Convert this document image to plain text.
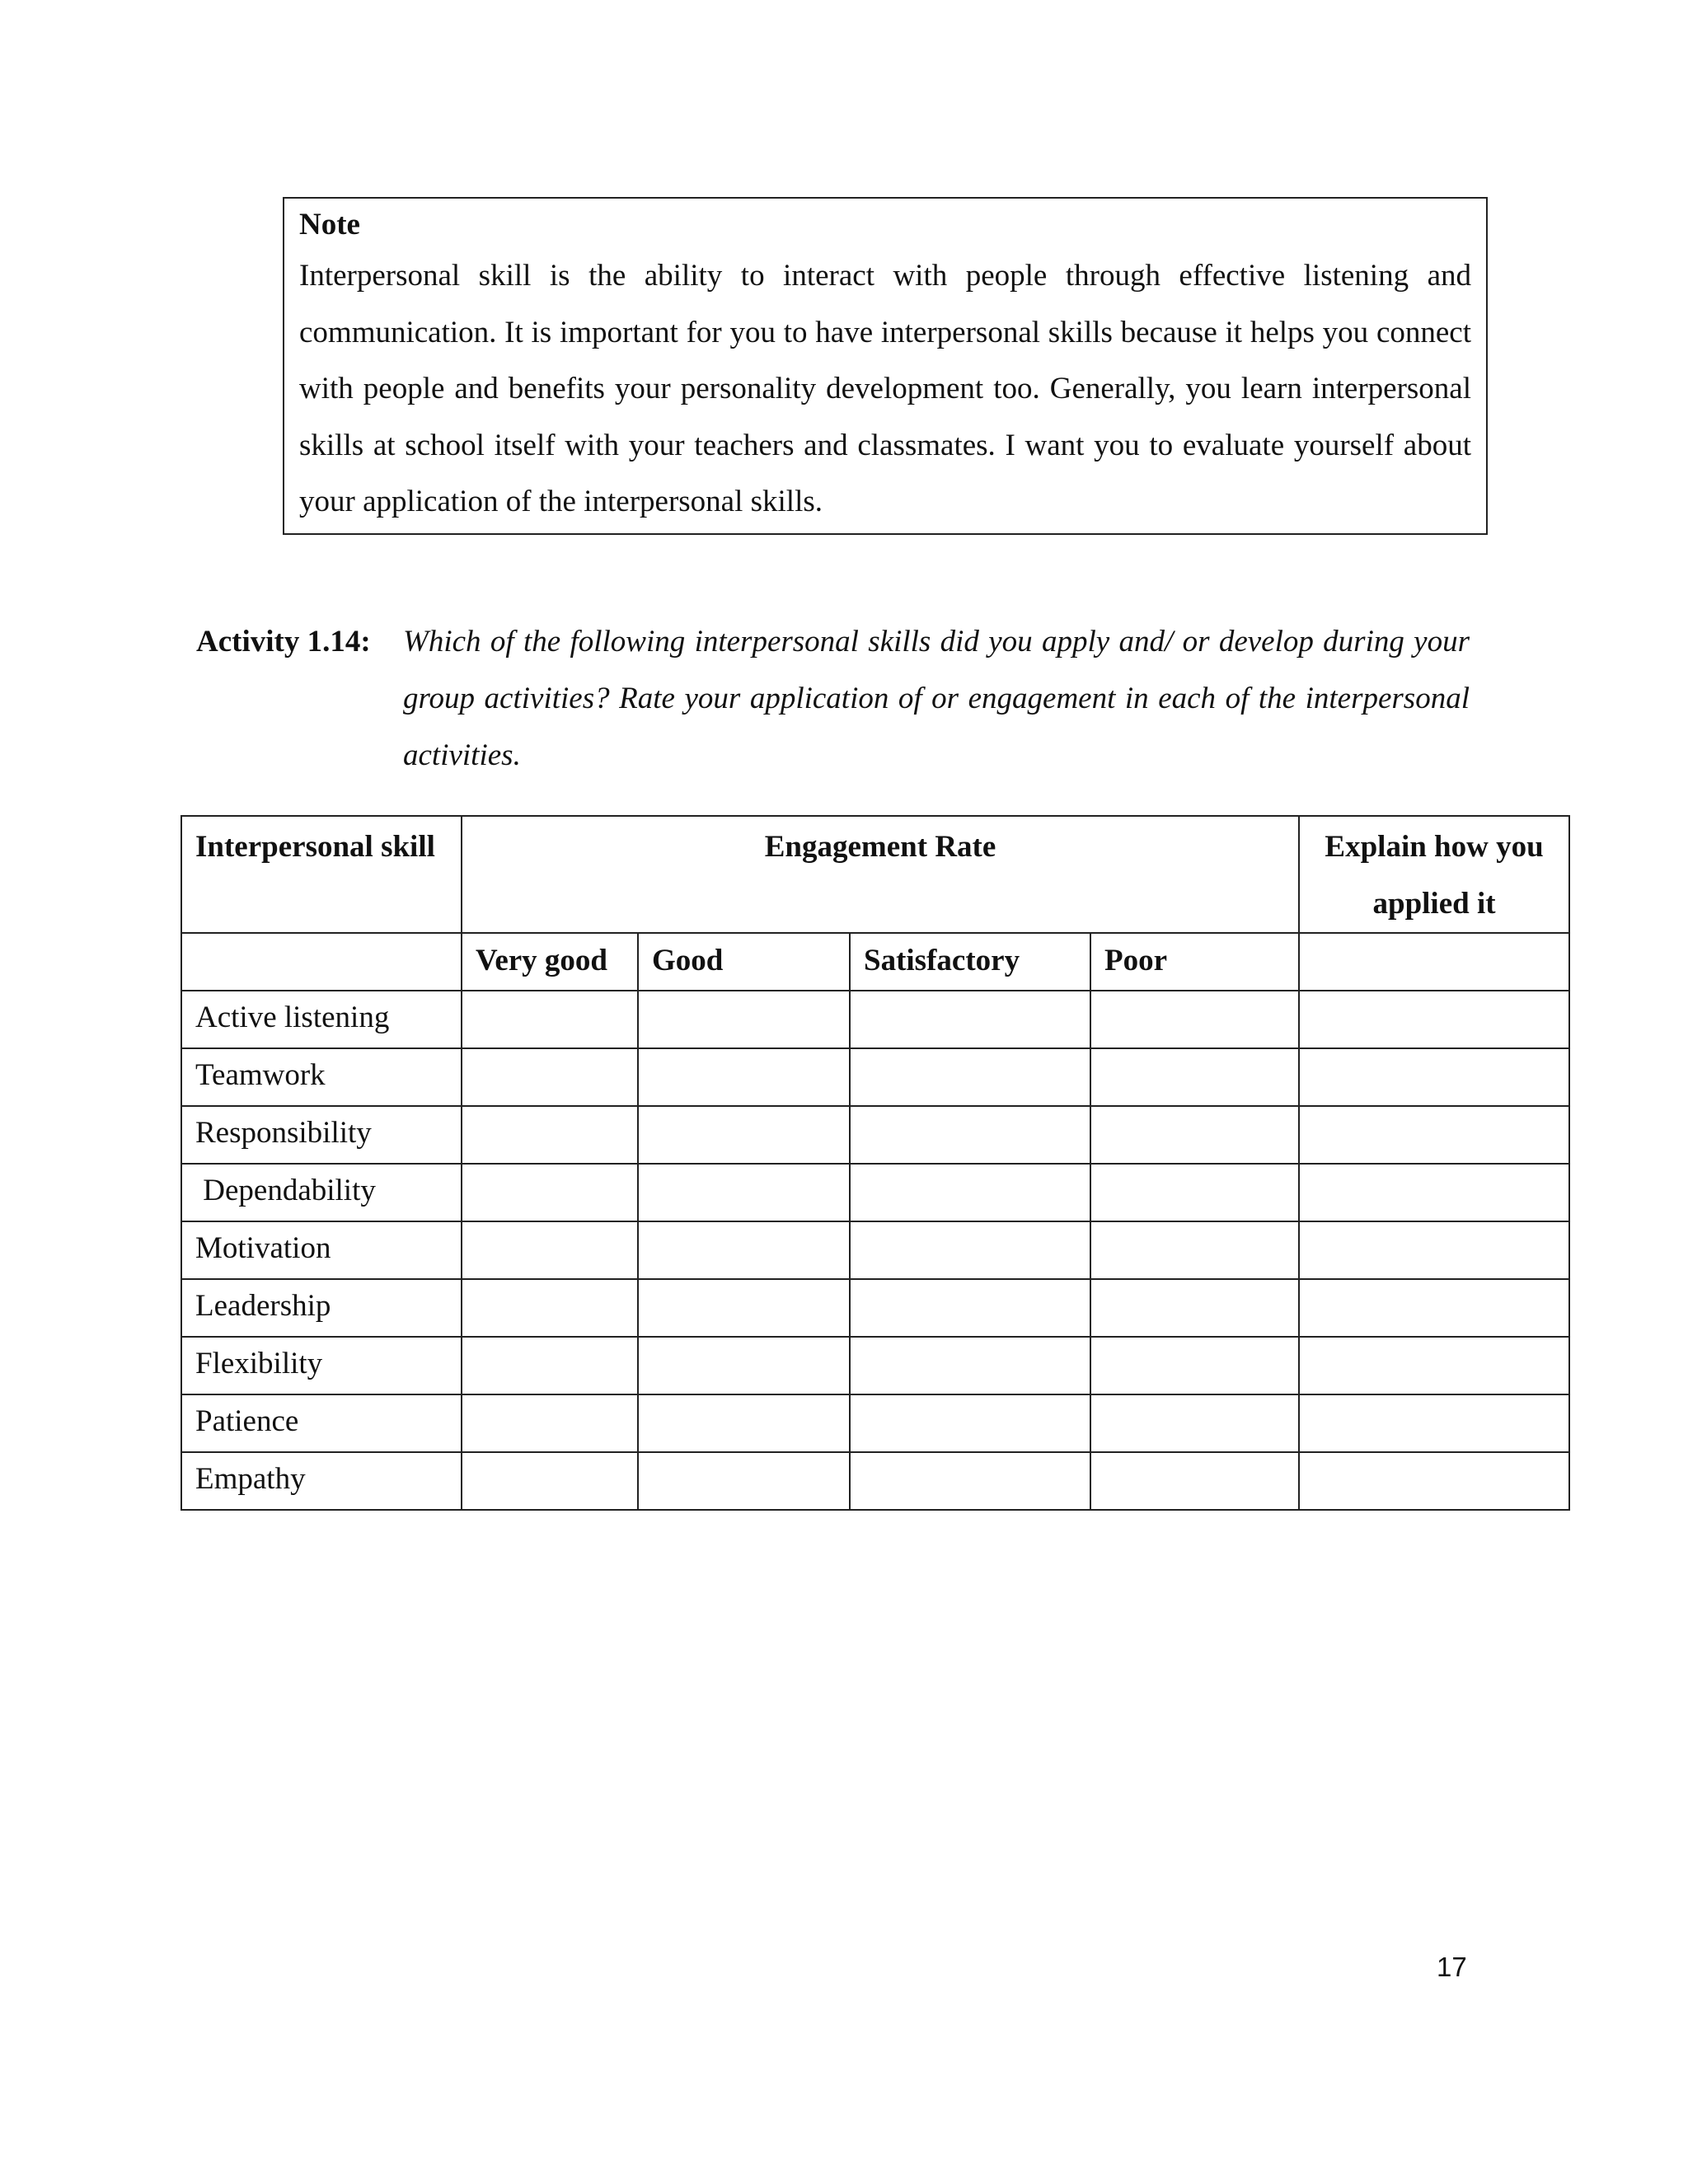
Note
Interpersonal skill is the ability to interact with people through effective listening and communication. It is important for you to have interpersonal skills because it helps you connect with people and benefits your personality development too. Generally, you learn interpersonal skills at school itself with your teachers and classmates. I want you to evaluate yourself about your application of the interpersonal skills.
Activity 1.14: Which of the following interpersonal skills did you apply and/ or develop during your group activities? Rate your application of or engagement in each of the interpersonal activities.
Interpersonal skill	Engagement Rate				Explain how you applied it
	Very good	Good	Satisfactory	Poor	
Active listening					
Teamwork					
Responsibility					
Dependability					
Motivation					
Leadership					
Flexibility					
Patience					
Empathy					
17
